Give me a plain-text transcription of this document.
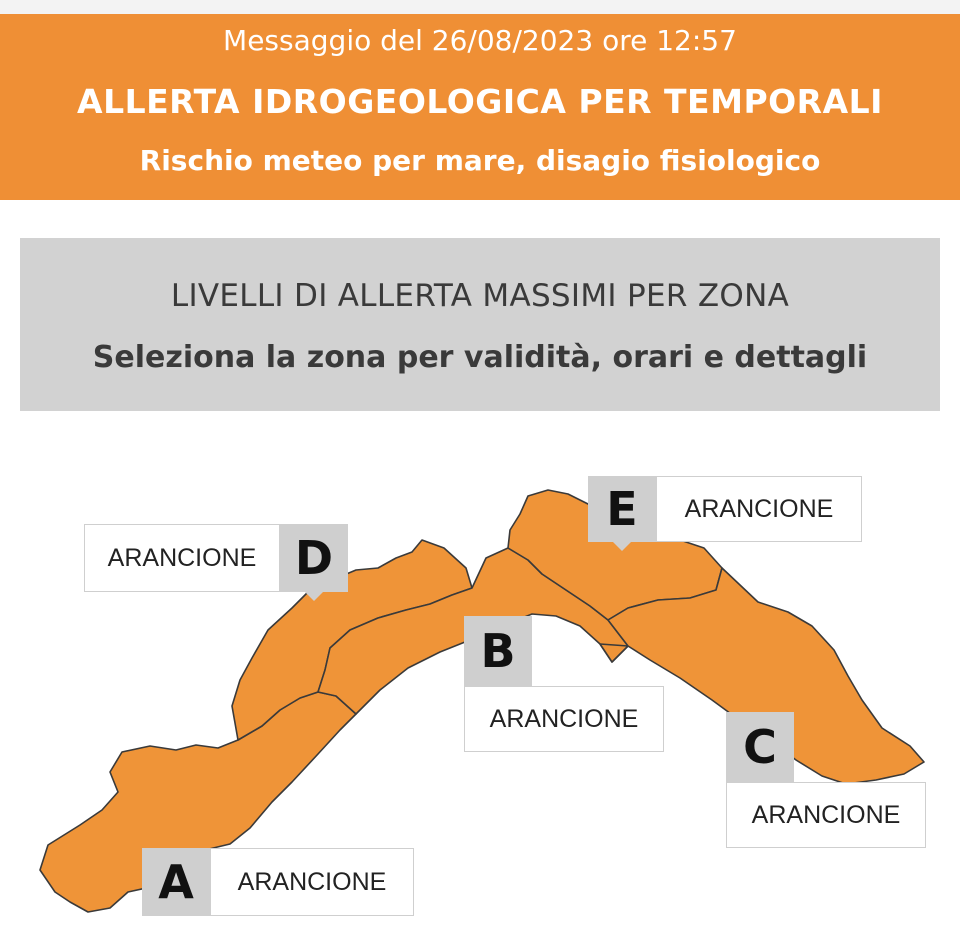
Messaggio del 26/08/2023 ore 12:57
ALLERTA IDROGEOLOGICA PER TEMPORALI
Rischio meteo per mare, disagio fisiologico
LIVELLI DI ALLERTA MASSIMI PER ZONA
Seleziona la zona per validità, orari e dettagli
ARANCIONE D
E	ARANCIONE
B
ARANCIONE
C
ARANCIONE
A	ARANCIONE
